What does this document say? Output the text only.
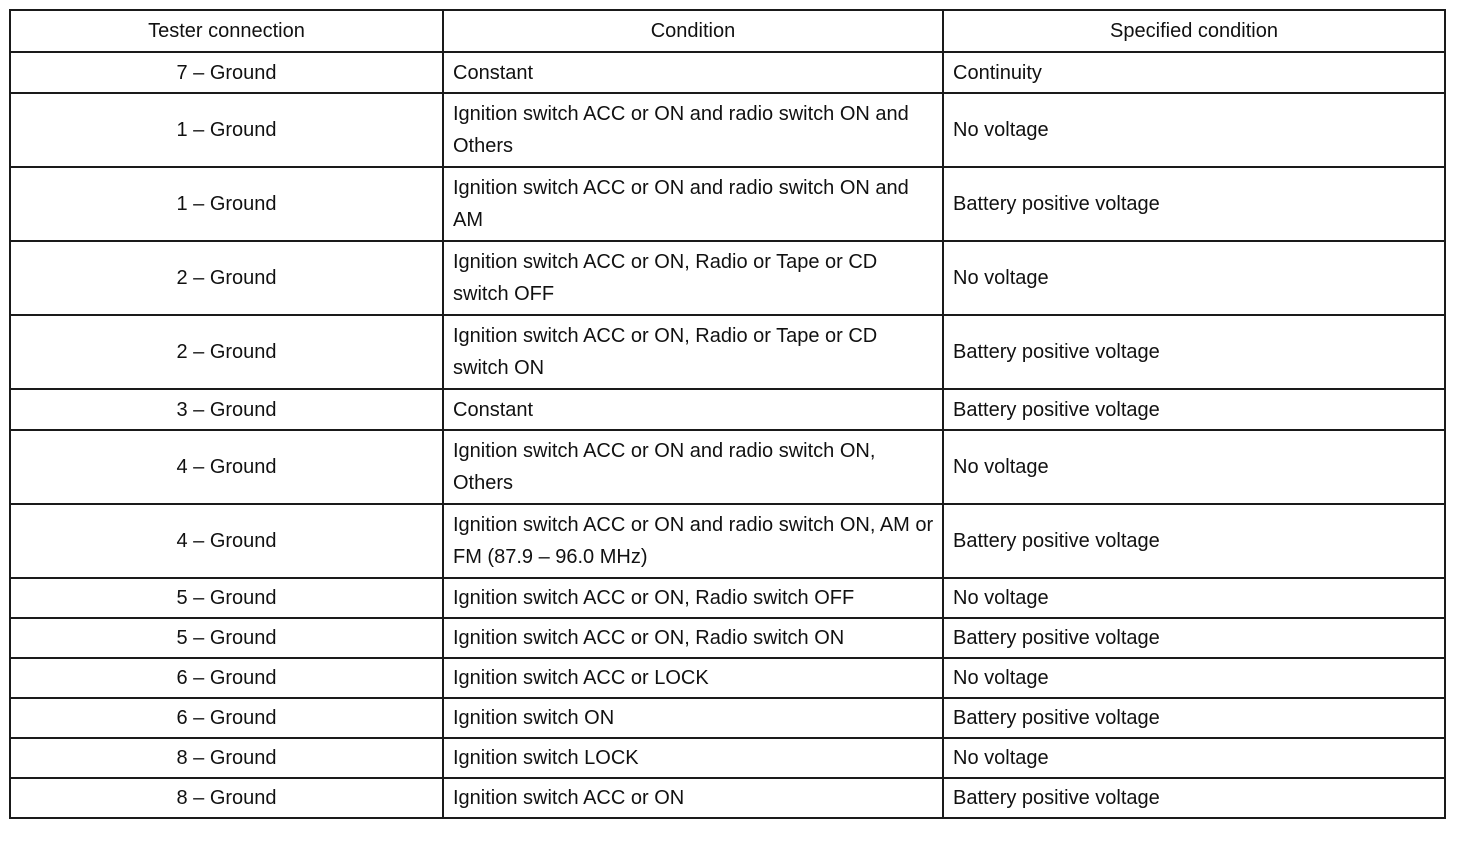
Tester connection	Condition	Specified condition
7 – Ground	Constant	Continuity
1 – Ground	Ignition switch ACC or ON and radio switch ON and Others	No voltage
1 – Ground	Ignition switch ACC or ON and radio switch ON and AM	Battery positive voltage
2 – Ground	Ignition switch ACC or ON, Radio or Tape or CD switch OFF	No voltage
2 – Ground	Ignition switch ACC or ON, Radio or Tape or CD switch ON	Battery positive voltage
3 – Ground	Constant	Battery positive voltage
4 – Ground	Ignition switch ACC or ON and radio switch ON, Others	No voltage
4 – Ground	Ignition switch ACC or ON and radio switch ON, AM or FM (87.9 – 96.0 MHz)	Battery positive voltage
5 – Ground	Ignition switch ACC or ON, Radio switch OFF	No voltage
5 – Ground	Ignition switch ACC or ON, Radio switch ON	Battery positive voltage
6 – Ground	Ignition switch ACC or LOCK	No voltage
6 – Ground	Ignition switch ON	Battery positive voltage
8 – Ground	Ignition switch LOCK	No voltage
8 – Ground	Ignition switch ACC or ON	Battery positive voltage
